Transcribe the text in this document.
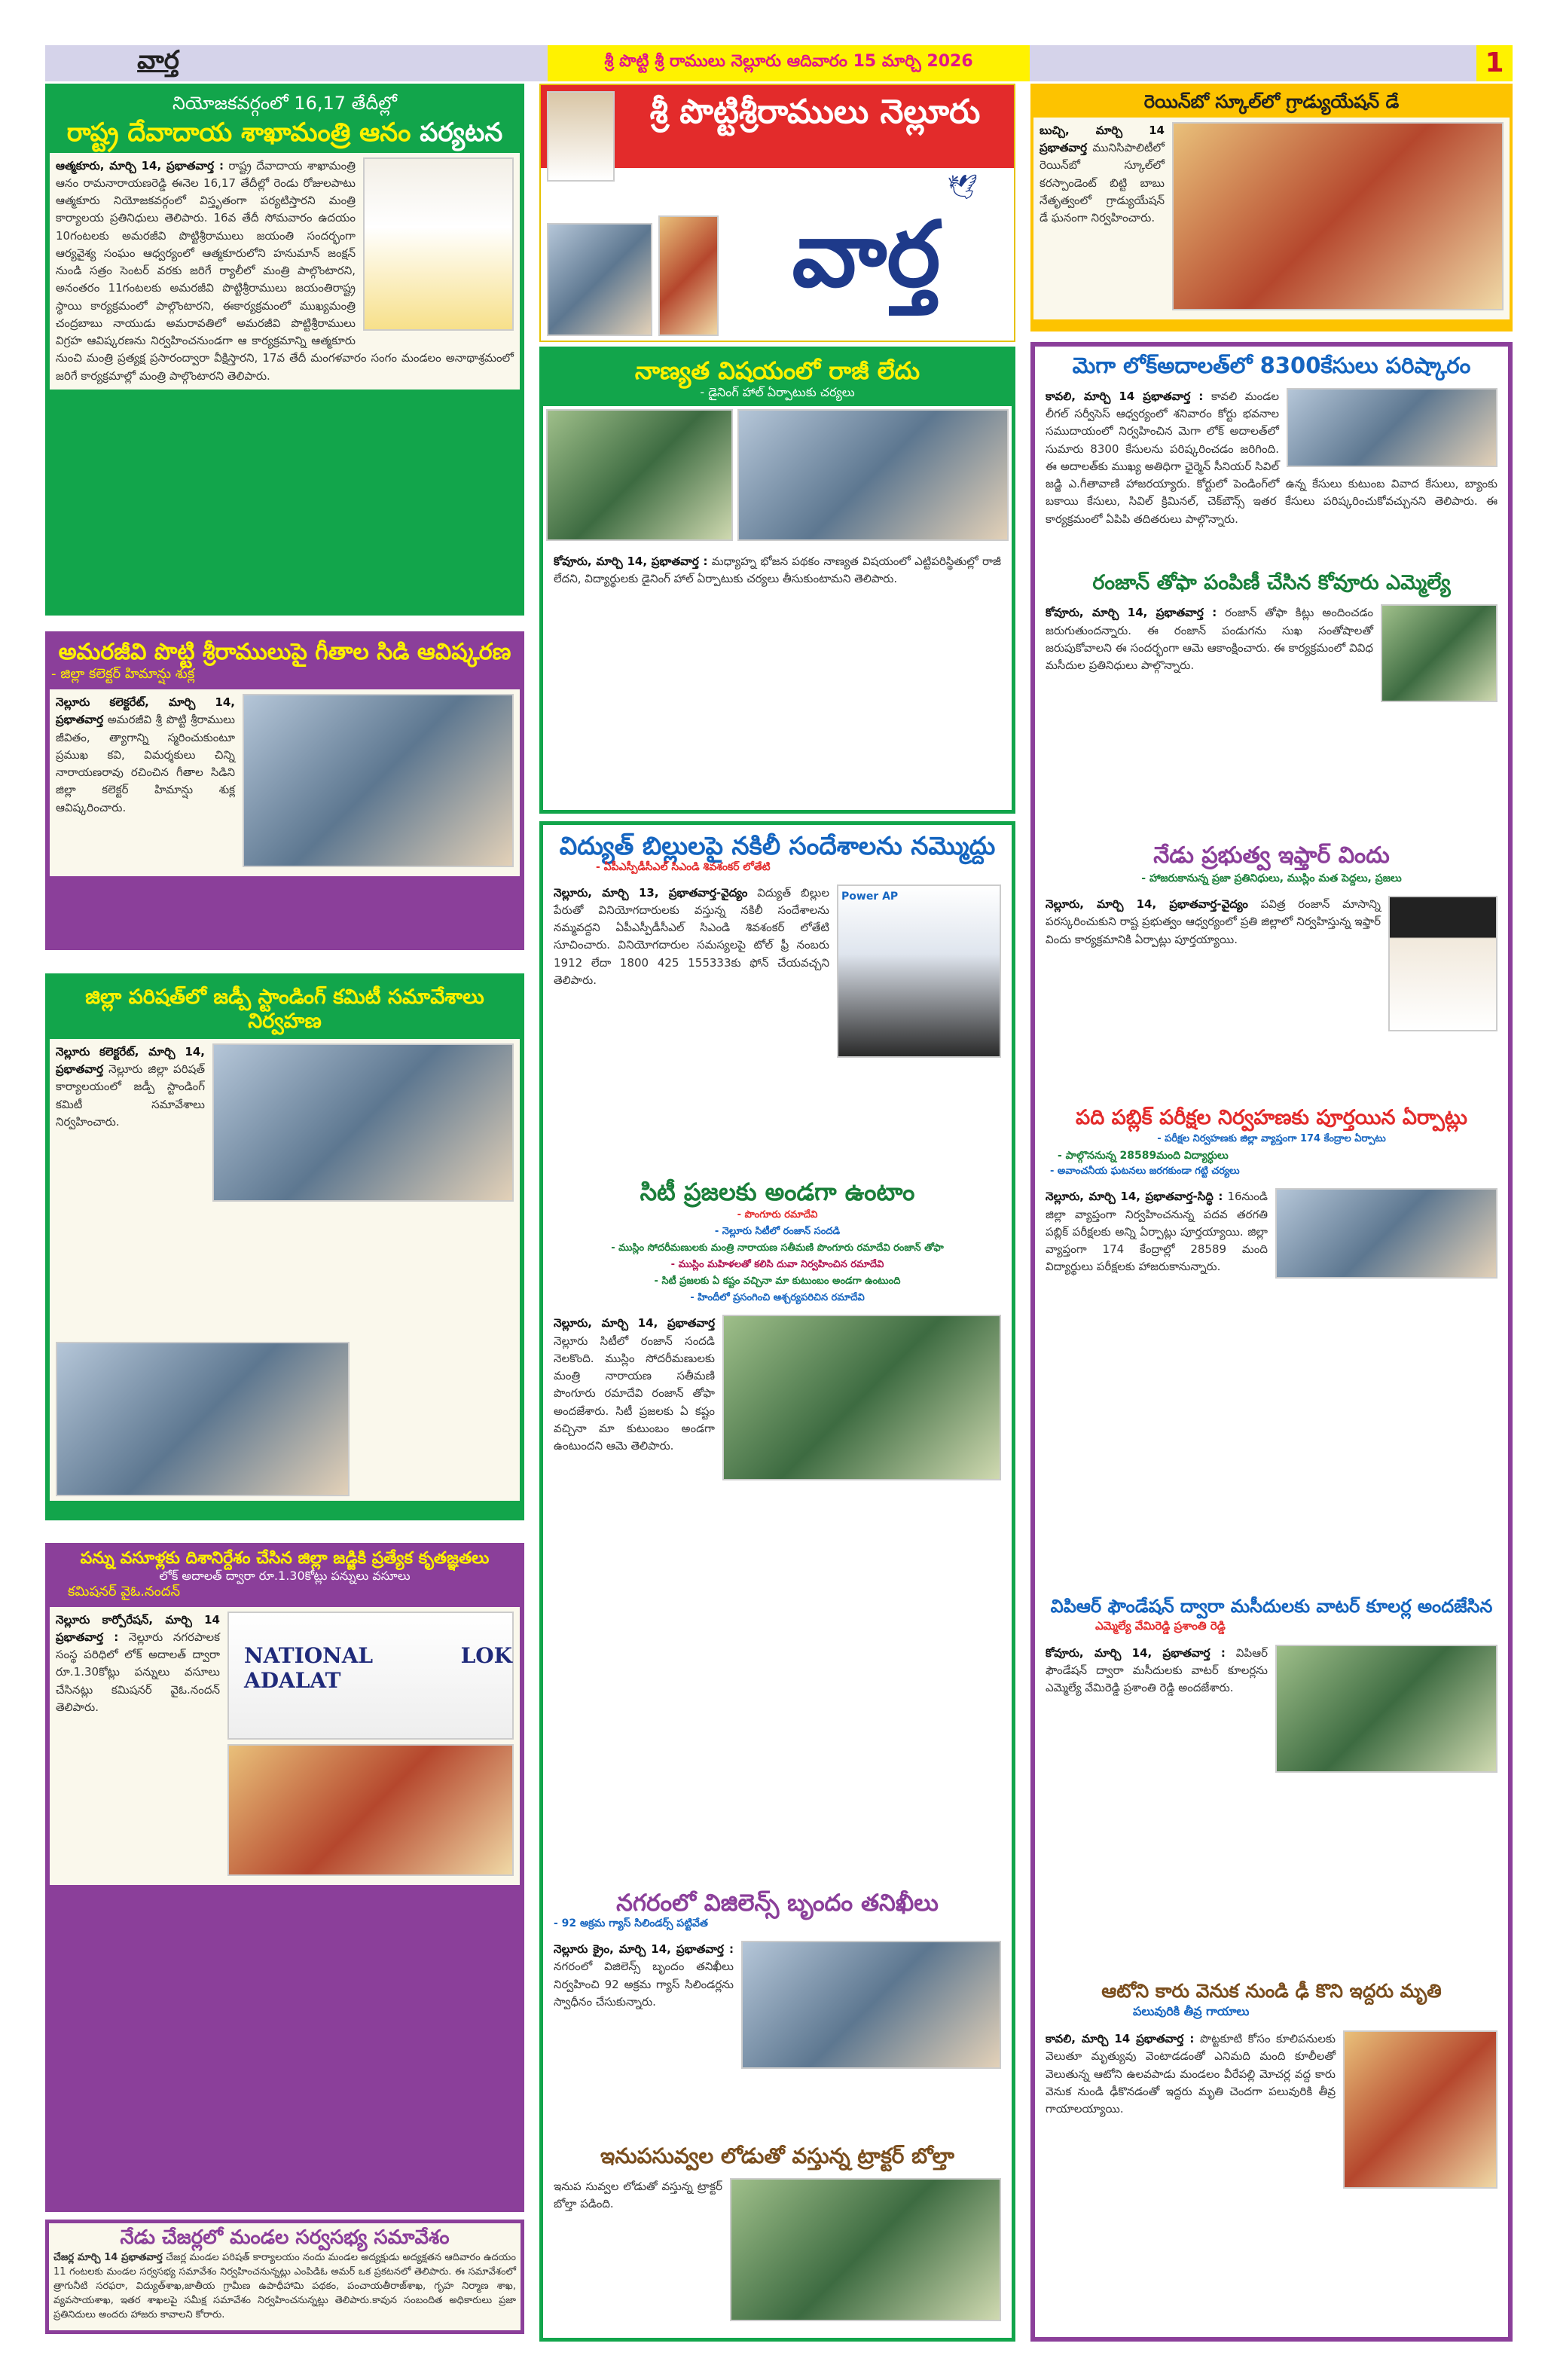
వార్త	శ్రీ పొట్టి శ్రీ రాములు నెల్లూరు ఆదివారం 15 మార్చి 2026	1
నియోజకవర్గంలో 16,17 తేదీల్లో
రాష్ట్ర దేవాదాయ శాఖామంత్రి ఆనం పర్యటన
ఆత్మకూరు, మార్చి 14, ప్రభాతవార్త : రాష్ట్ర దేవాదాయ శాఖామంత్రి ఆనం రామనారాయణరెడ్డి ఈనెల 16,17 తేదీల్లో రెండు రోజులపాటు ఆత్మకూరు నియోజకవర్గంలో విస్తృతంగా పర్యటిస్తారని మంత్రి కార్యాలయ ప్రతినిధులు తెలిపారు. 16వ తేదీ సోమవారం ఉదయం 10గంటలకు అమరజీవి పొట్టిశ్రీరాములు జయంతి సందర్భంగా ఆర్యవైశ్య సంఘం ఆధ్వర్యంలో ఆత్మకూరులోని హనుమాన్ జంక్షన్ నుండి సత్రం సెంటర్ వరకు జరిగే ర్యాలీలో మంత్రి పాల్గొంటారని, అనంతరం 11గంటలకు అమరజీవి పొట్టిశ్రీరాములు జయంతిరాష్ట్ర స్థాయి కార్యక్రమంలో పాల్గొంటారని, ఈకార్యక్రమంలో ముఖ్యమంత్రి చంద్రబాబు నాయుడు అమరావతిలో అమరజీవి పొట్టిశ్రీరాములు విగ్రహ ఆవిష్కరణను నిర్వహించనుండగా ఆ కార్యక్రమాన్ని ఆత్మకూరు నుంచి మంత్రి ప్రత్యక్ష ప్రసారంద్వారా వీక్షిస్తారని, 17వ తేదీ మంగళవారం సంగం మండలం అనాథాశ్రమంలో జరిగే కార్యక్రమాల్లో మంత్రి పాల్గొంటారని తెలిపారు.
అమరజీవి పొట్టి శ్రీరాములుపై గీతాల సిడి ఆవిష్కరణ
- జిల్లా కలెక్టర్ హిమాన్షు శుక్ల
నెల్లూరు కలెక్టరేట్, మార్చి 14, ప్రభాతవార్త అమరజీవి శ్రీ పొట్టి శ్రీరాములు జీవితం, త్యాగాన్ని స్మరించుకుంటూ ప్రముఖ కవి, విమర్శకులు చిన్ని నారాయణరావు రచించిన గీతాల సిడిని జిల్లా కలెక్టర్ హిమాన్షు శుక్ల ఆవిష్కరించారు.
జిల్లా పరిషత్‌లో జడ్పీ స్టాండింగ్ కమిటీ సమావేశాలు నిర్వహణ
నెల్లూరు కలెక్టరేట్, మార్చి 14, ప్రభాతవార్త నెల్లూరు జిల్లా పరిషత్ కార్యాలయంలో జడ్పీ స్టాండింగ్ కమిటీ సమావేశాలు నిర్వహించారు.
పన్ను వసూళ్లకు దిశానిర్దేశం చేసిన జిల్లా జడ్జికి ప్రత్యేక కృతజ్ఞతలు
లోక్ అదాలత్ ద్వారా రూ.1.30కోట్లు పన్నులు వసూలు
కమిషనర్ వైఓ.నందన్
NATIONAL LOK ADALAT
నెల్లూరు కార్పోరేషన్, మార్చి 14 ప్రభాతవార్త : నెల్లూరు నగరపాలక సంస్థ పరిధిలో లోక్ అదాలత్ ద్వారా రూ.1.30కోట్లు పన్నులు వసూలు చేసినట్లు కమిషనర్ వైఓ.నందన్ తెలిపారు.
నేడు చేజర్లలో మండల సర్వసభ్య సమావేశం
చేజర్ల మార్చి 14 ప్రభాతవార్త చేజర్ల మండల పరిషత్ కార్యాలయం నందు మండల అద్యక్షుడు అద్యక్షతన ఆదివారం ఉదయం 11 గంటలకు మండల సర్వసభ్య సమావేశం నిర్వహించనున్నట్లు ఎంపిడిఓ అమర్ ఒక ప్రకటనలో తెలిపారు. ఈ సమావేశంలో త్రాగునీటి సరఫరా, విద్యుత్‌శాఖ,జాతీయ గ్రామీణ ఉపాధీహామి పథకం, పంచాయతీరాజ్‌శాఖ, గృహ నిర్మాణ శాఖ, వ్యవసాయశాఖ, ఇతర శాఖలపై సమీక్ష సమావేశం నిర్వహించనున్నట్లు తెలిపారు.కావున సంబందిత అధికారులు ప్రజా ప్రతినిదులు అందరు హాజరు కావాలని కోరారు.
శ్రీ పొట్టిశ్రీరాములు నెల్లూరు
వార్త
🕊
నాణ్యత విషయంలో రాజీ లేదు
- డైనింగ్ హాల్ ఏర్పాటుకు చర్యలు
కోవూరు, మార్చి 14, ప్రభాతవార్త : మధ్యాహ్న భోజన పథకం నాణ్యత విషయంలో ఎట్టిపరిస్థితుల్లో రాజీ లేదని, విద్యార్థులకు డైనింగ్ హాల్ ఏర్పాటుకు చర్యలు తీసుకుంటామని తెలిపారు.
విద్యుత్ బిల్లులపై నకిలీ సందేశాలను నమ్మొద్దు
- ఏపీఎస్పీడీసీఎల్ సిఎండి శివశంకర్ లోతేటి
Power AP
నెల్లూరు, మార్చి 13, ప్రభాతవార్త-వైద్యం విద్యుత్ బిల్లుల పేరుతో వినియోగదారులకు వస్తున్న నకిలీ సందేశాలను నమ్మవద్దని ఏపీఎస్పీడీసీఎల్ సిఎండి శివశంకర్ లోతేటి సూచించారు. వినియోగదారుల సమస్యలపై టోల్ ఫ్రీ నంబరు 1912 లేదా 1800 425 155333కు ఫోన్ చేయవచ్చని తెలిపారు.
సిటీ ప్రజలకు అండగా ఉంటాం
- పొంగూరు రమాదేవి
- నెల్లూరు సిటీలో రంజాన్ సందడి
- ముస్లిం సోదరీమణులకు మంత్రి నారాయణ సతీమణి పొంగూరు రమాదేవి రంజాన్ తోఫా
- ముస్లిం మహిళలతో కలిసి దువా నిర్వహించిన రమాదేవి
- సిటీ ప్రజలకు ఏ కష్టం వచ్చినా మా కుటుంబం అండగా ఉంటుంది
- హిందీలో ప్రసంగించి ఆశ్చర్యపరిచిన రమాదేవి
నెల్లూరు, మార్చి 14, ప్రభాతవార్త నెల్లూరు సిటీలో రంజాన్ సందడి నెలకొంది. ముస్లిం సోదరీమణులకు మంత్రి నారాయణ సతీమణి పొంగూరు రమాదేవి రంజాన్ తోఫా అందజేశారు. సిటీ ప్రజలకు ఏ కష్టం వచ్చినా మా కుటుంబం అండగా ఉంటుందని ఆమె తెలిపారు.
నగరంలో విజిలెన్స్ బృందం తనిఖీలు
- 92 అక్రమ గ్యాస్ సిలిండర్స్ పట్టివేత
నెల్లూరు క్రైం, మార్చి 14, ప్రభాతవార్త : నగరంలో విజిలెన్స్ బృందం తనిఖీలు నిర్వహించి 92 అక్రమ గ్యాస్ సిలిండర్లను స్వాధీనం చేసుకున్నారు.
ఇనుపసువ్వల లోడుతో వస్తున్న ట్రాక్టర్ బోల్తా
ఇనుప సువ్వల లోడుతో వస్తున్న ట్రాక్టర్ బోల్తా పడింది.
రెయిన్‌బో స్కూల్‌లో గ్రాడ్యుయేషన్ డే
బుచ్చి, మార్చి 14 ప్రభాతవార్త మునిసిపాలిటీలో రెయిన్‌బో స్కూల్‌లో కరస్పాండెంట్ బిట్టి బాబు నేతృత్వంలో గ్రాడ్యుయేషన్ డే ఘనంగా నిర్వహించారు.
మెగా లోక్‌అదాలత్‌లో 8300కేసులు పరిష్కారం
కావలి, మార్చి 14 ప్రభాతవార్త : కావలి మండల లీగల్ సర్వీసెస్ ఆధ్వర్యంలో శనివారం కోర్టు భవనాల సముదాయంలో నిర్వహించిన మెగా లోక్ అదాలత్‌లో సుమారు 8300 కేసులను పరిష్కరించడం జరిగింది. ఈ అదాలత్‌కు ముఖ్య అతిధిగా ఛైర్మెన్ సీనియర్ సివిల్ జడ్జి ఎ.గీతావాణి హాజరయ్యారు. కోర్టులో పెండింగ్‌లో ఉన్న కేసులు కుటుంబ వివాద కేసులు, బ్యాంకు బకాయి కేసులు, సివిల్ క్రిమినల్, చెక్‌బౌన్స్ ఇతర కేసులు పరిష్కరించుకోవచ్చునని తెలిపారు. ఈ కార్యక్రమంలో ఏపిపి తదితరులు పాల్గొన్నారు.
రంజాన్ తోఫా పంపిణీ చేసిన కోవూరు ఎమ్మెల్యే
కోవూరు, మార్చి 14, ప్రభాతవార్త : రంజాన్ తోఫా కిట్లు అందించడం జరుగుతుందన్నారు. ఈ రంజాన్ పండుగను సుఖ సంతోషాలతో జరుపుకోవాలని ఈ సందర్భంగా ఆమె ఆకాంక్షించారు. ఈ కార్యక్రమంలో వివిధ మసీదుల ప్రతినిధులు పాల్గొన్నారు.
నేడు ప్రభుత్వ ఇఫ్తార్ విందు
- హాజరుకానున్న ప్రజా ప్రతినిధులు, ముస్లిం మత పెద్దలు, ప్రజలు
నెల్లూరు, మార్చి 14, ప్రభాతవార్త-వైద్యం పవిత్ర రంజాన్ మాసాన్ని పరస్కరించుకుని రాష్ట ప్రభుత్వం ఆధ్వర్యంలో ప్రతి జిల్లాలో నిర్వహిస్తున్న ఇఫ్తార్ విందు కార్యక్రమానికి ఏర్పాట్లు పూర్తయ్యాయి.
పది పబ్లిక్ పరీక్షల నిర్వహణకు పూర్తయిన ఏర్పాట్లు
- పరీక్షల నిర్వహణకు జిల్లా వ్యాప్తంగా 174 కేంద్రాల ఏర్పాటు
- పాల్గొననున్న 28589మంది విద్యార్ధులు
- అవాంచనీయ ఘటనలు జరగకుండా గట్టి చర్యలు
నెల్లూరు, మార్చి 14, ప్రభాతవార్త-సిద్ధి : 16నుండి జిల్లా వ్యాప్తంగా నిర్వహించనున్న పదవ తరగతి పబ్లిక్ పరీక్షలకు అన్ని ఏర్పాట్లు పూర్తయ్యాయి. జిల్లా వ్యాప్తంగా 174 కేంద్రాల్లో 28589 మంది విద్యార్థులు పరీక్షలకు హాజరుకానున్నారు.
విపిఆర్ ఫౌండేషన్ ద్వారా మసీదులకు వాటర్ కూలర్ల అందజేసిన
ఎమ్మెల్యే వేమిరెడ్డి ప్రశాంతి రెడ్డి
కోవూరు, మార్చి 14, ప్రభాతవార్త : విపిఆర్ ఫౌండేషన్ ద్వారా మసీదులకు వాటర్ కూలర్లను ఎమ్మెల్యే వేమిరెడ్డి ప్రశాంతి రెడ్డి అందజేశారు.
ఆటోని కారు వెనుక నుండి ఢీ కొని ఇద్దరు మృతి
పలువురికి తీవ్ర గాయాలు
కావలి, మార్చి 14 ప్రభాతవార్త : పొట్టకూటి కోసం కూలిపనులకు వెలుతూ మృత్యువు వెంటాడడంతో ఎనిమది మంది కూలీలతో వెలుతున్న ఆటోని ఉలవపాడు మండలం వీరేపల్లి మోచర్ల వద్ద కారు వెనుక నుండి ఢీకొనడంతో ఇద్దరు మృతి చెందగా పలువురికి తీవ్ర గాయాలయ్యాయి.
